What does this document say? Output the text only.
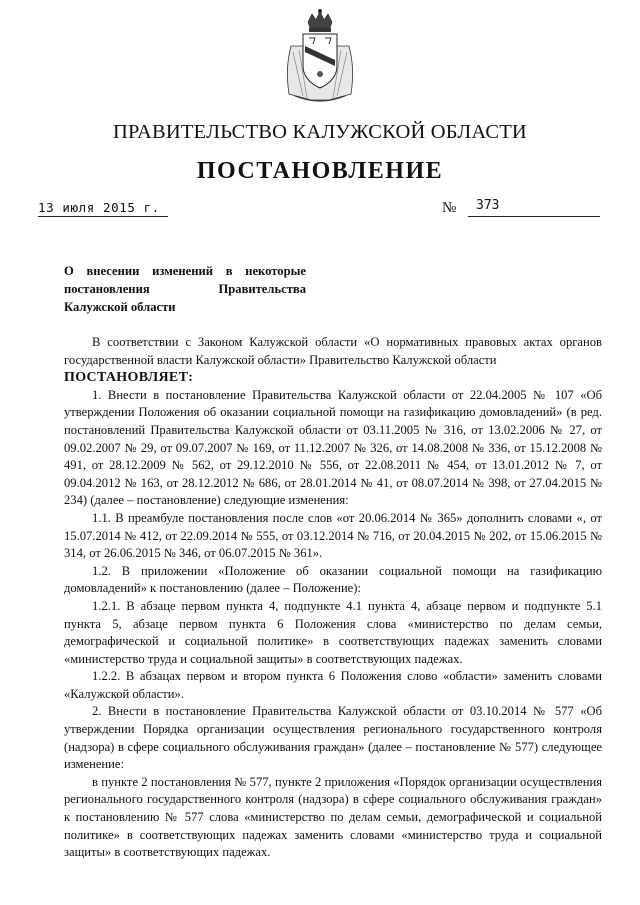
ПРАВИТЕЛЬСТВО КАЛУЖСКОЙ ОБЛАСТИ
ПОСТАНОВЛЕНИЕ
13 июля 2015 г.	№ 373
О внесении изменений в некоторые
постановления	Правительства
Калужской области

В соответствии с Законом Калужской области «О нормативных правовых актах органов государственной власти Калужской области» Правительство Калужской области

ПОСТАНОВЛЯЕТ:

1. Внести в постановление Правительства Калужской области от 22.04.2005 № 107 «Об утверждении Положения об оказании социальной помощи на газификацию домовладений» (в ред. постановлений Правительства Калужской области от 03.11.2005 № 316, от 13.02.2006 № 27, от 09.02.2007 № 29, от 09.07.2007 № 169, от 11.12.2007 № 326, от 14.08.2008 № 336, от 15.12.2008 № 491, от 28.12.2009 № 562, от 29.12.2010 № 556, от 22.08.2011 № 454, от 13.01.2012 № 7, от 09.04.2012 № 163, от 28.12.2012 № 686, от 28.01.2014 № 41, от 08.07.2014 № 398, от 27.04.2015 № 234) (далее – постановление) следующие изменения:

1.1. В преамбуле постановления после слов «от 20.06.2014 № 365» дополнить словами «, от 15.07.2014 № 412, от 22.09.2014 № 555, от 03.12.2014 № 716, от 20.04.2015 № 202, от 15.06.2015 № 314, от 26.06.2015 № 346, от 06.07.2015 № 361».

1.2. В приложении «Положение об оказании социальной помощи на газификацию домовладений» к постановлению (далее – Положение):

1.2.1. В абзаце первом пункта 4, подпункте 4.1 пункта 4, абзаце первом и подпункте 5.1 пункта 5, абзаце первом пункта 6 Положения слова «министерство по делам семьи, демографической и социальной политике» в соответствующих падежах заменить словами «министерство труда и социальной защиты» в соответствующих падежах.

1.2.2. В абзацах первом и втором пункта 6 Положения слово «области» заменить словами «Калужской области».

2. Внести в постановление Правительства Калужской области от 03.10.2014 № 577 «Об утверждении Порядка организации осуществления регионального государственного контроля (надзора) в сфере социального обслуживания граждан» (далее – постановление № 577) следующее изменение:

в пункте 2 постановления № 577, пункте 2 приложения «Порядок организации осуществления регионального государственного контроля (надзора) в сфере социального обслуживания граждан» к постановлению № 577 слова «министерство по делам семьи, демографической и социальной политике» в соответствующих падежах заменить словами «министерство труда и социальной защиты» в соответствующих падежах.
